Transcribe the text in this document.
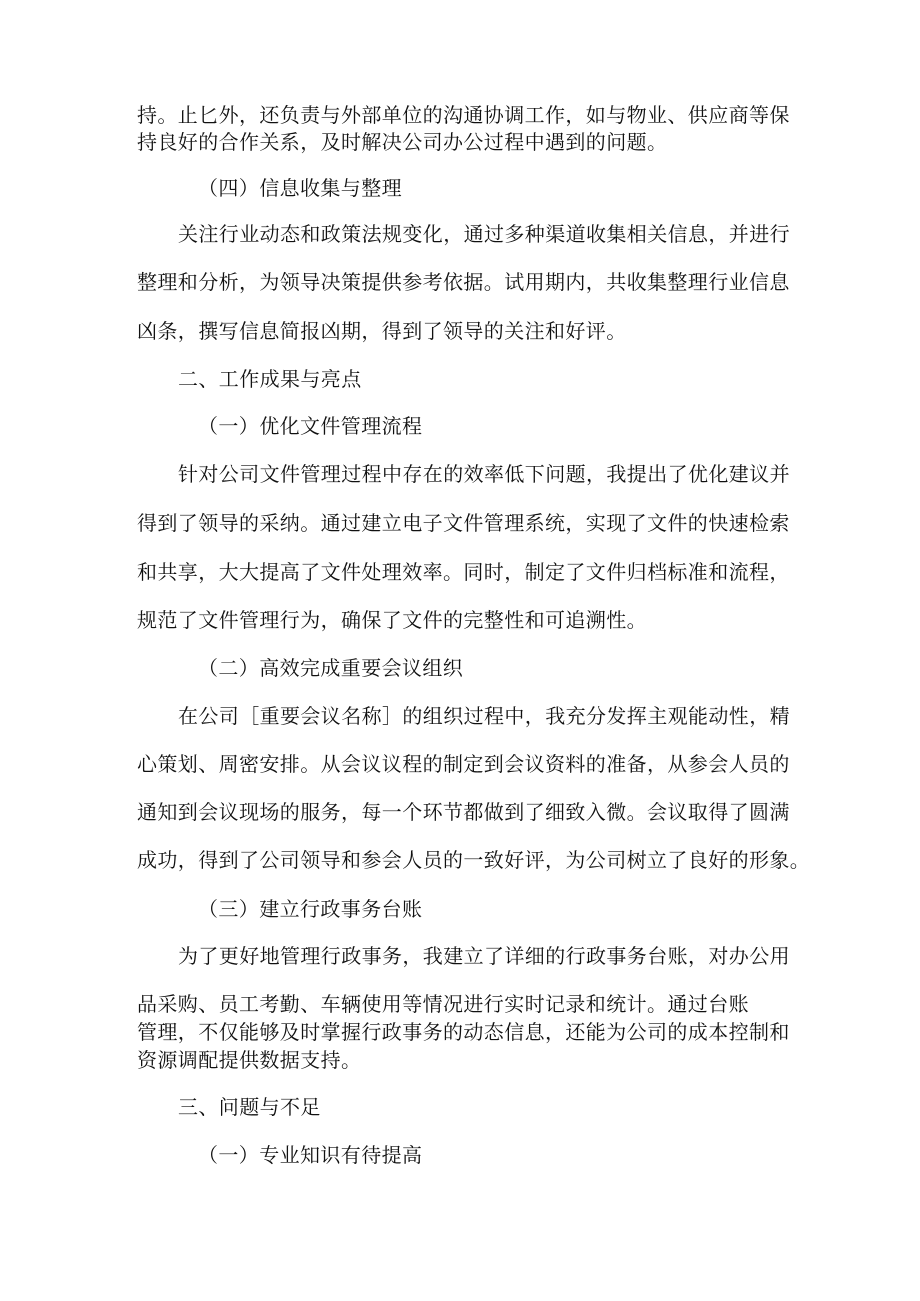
持。止匕外，还负责与外部单位的沟通协调工作，如与物业、供应商等保
持良好的合作关系，及时解决公司办公过程中遇到的问题。
（四）信息收集与整理
关注行业动态和政策法规变化，通过多种渠道收集相关信息，并进行
整理和分析，为领导决策提供参考依据。试用期内，共收集整理行业信息
凶条，撰写信息简报凶期，得到了领导的关注和好评。
二、工作成果与亮点
（一）优化文件管理流程
针对公司文件管理过程中存在的效率低下问题，我提出了优化建议并
得到了领导的采纳。通过建立电子文件管理系统，实现了文件的快速检索
和共享，大大提高了文件处理效率。同时，制定了文件归档标准和流程，
规范了文件管理行为，确保了文件的完整性和可追溯性。
（二）高效完成重要会议组织
在公司［重要会议名称］的组织过程中，我充分发挥主观能动性，精
心策划、周密安排。从会议议程的制定到会议资料的准备，从参会人员的
通知到会议现场的服务，每一个环节都做到了细致入微。会议取得了圆满
成功，得到了公司领导和参会人员的一致好评，为公司树立了良好的形象。
（三）建立行政事务台账
为了更好地管理行政事务，我建立了详细的行政事务台账，对办公用
品采购、员工考勤、车辆使用等情况进行实时记录和统计。通过台账
管理，不仅能够及时掌握行政事务的动态信息，还能为公司的成本控制和
资源调配提供数据支持。
三、问题与不足
（一）专业知识有待提高
